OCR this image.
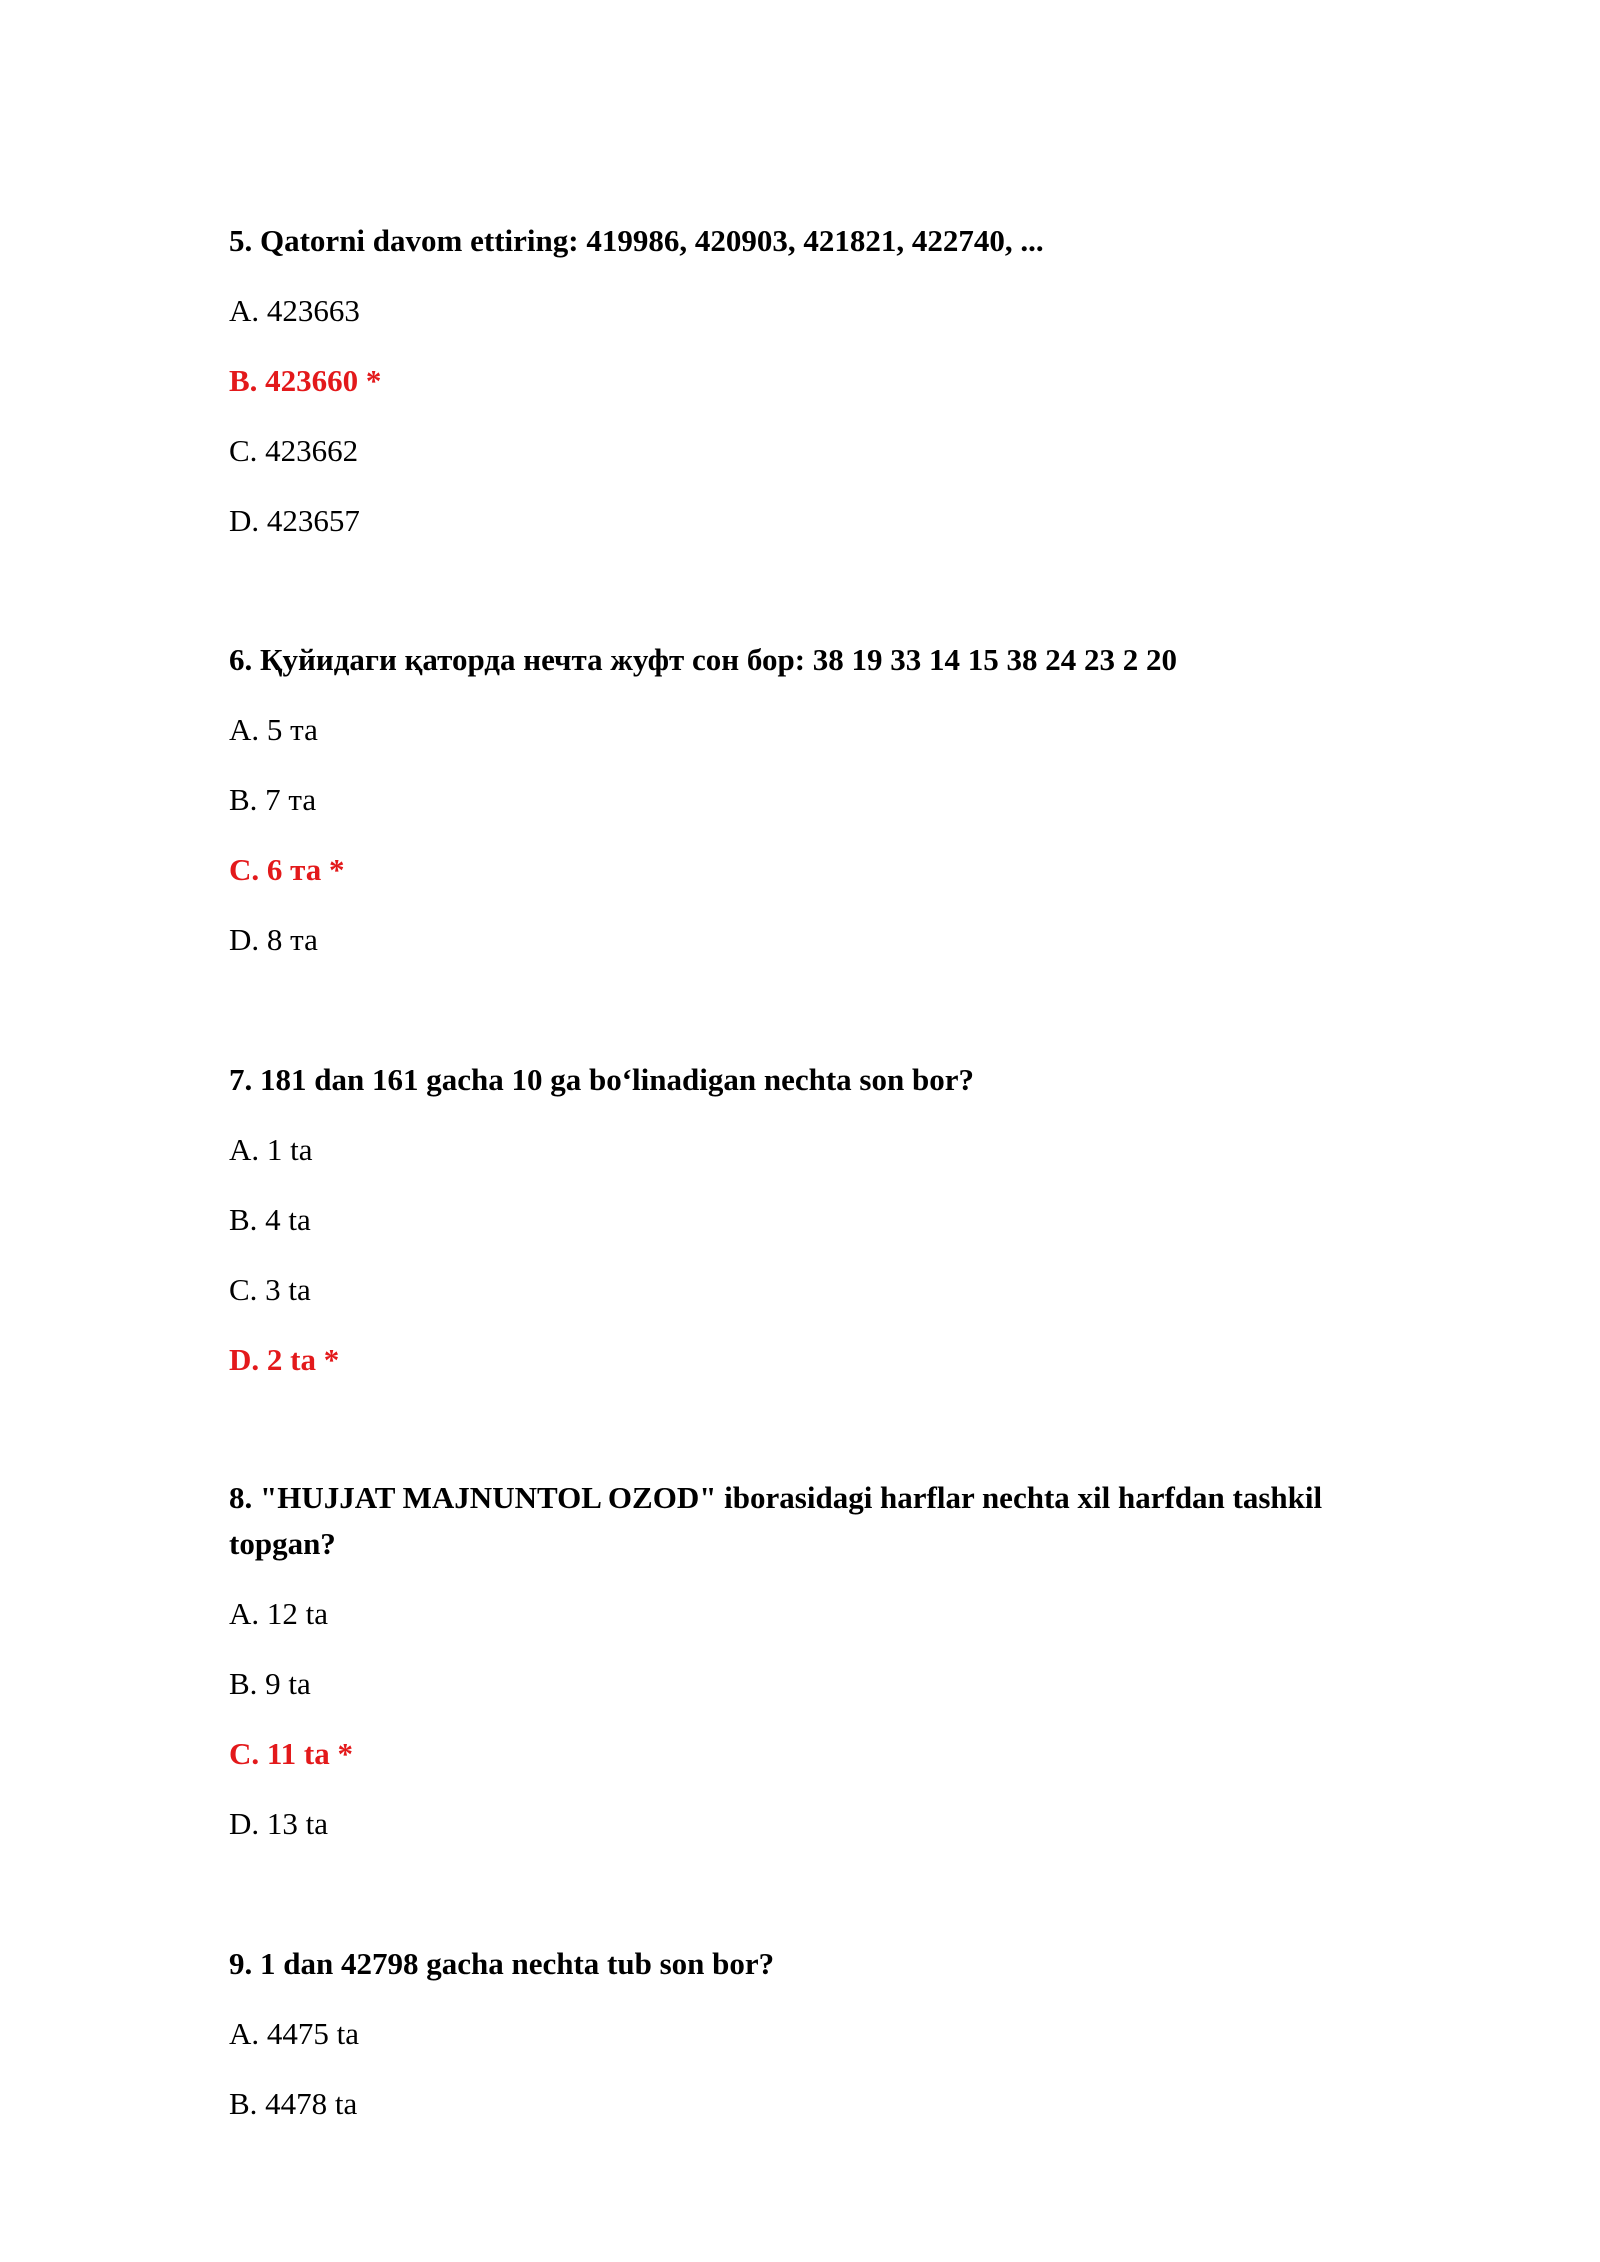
5. Qatorni davom ettiring: 419986, 420903, 421821, 422740, ...

A. 423663

B. 423660 *

C. 423662

D. 423657

6. Қуйидаги қаторда нечта жуфт сон бор: 38 19 33 14 15 38 24 23 2 20

A. 5 та

B. 7 та

C. 6 та *

D. 8 та

7. 181 dan 161 gacha 10 ga bo‘linadigan nechta son bor?

A. 1 ta

B. 4 ta

C. 3 ta

D. 2 ta *

8. "HUJJAT MAJNUNTOL OZOD" iborasidagi harflar nechta xil harfdan tashkil topgan?

A. 12 ta

B. 9 ta

C. 11 ta *

D. 13 ta

9. 1 dan 42798 gacha nechta tub son bor?

A. 4475 ta

B. 4478 ta
